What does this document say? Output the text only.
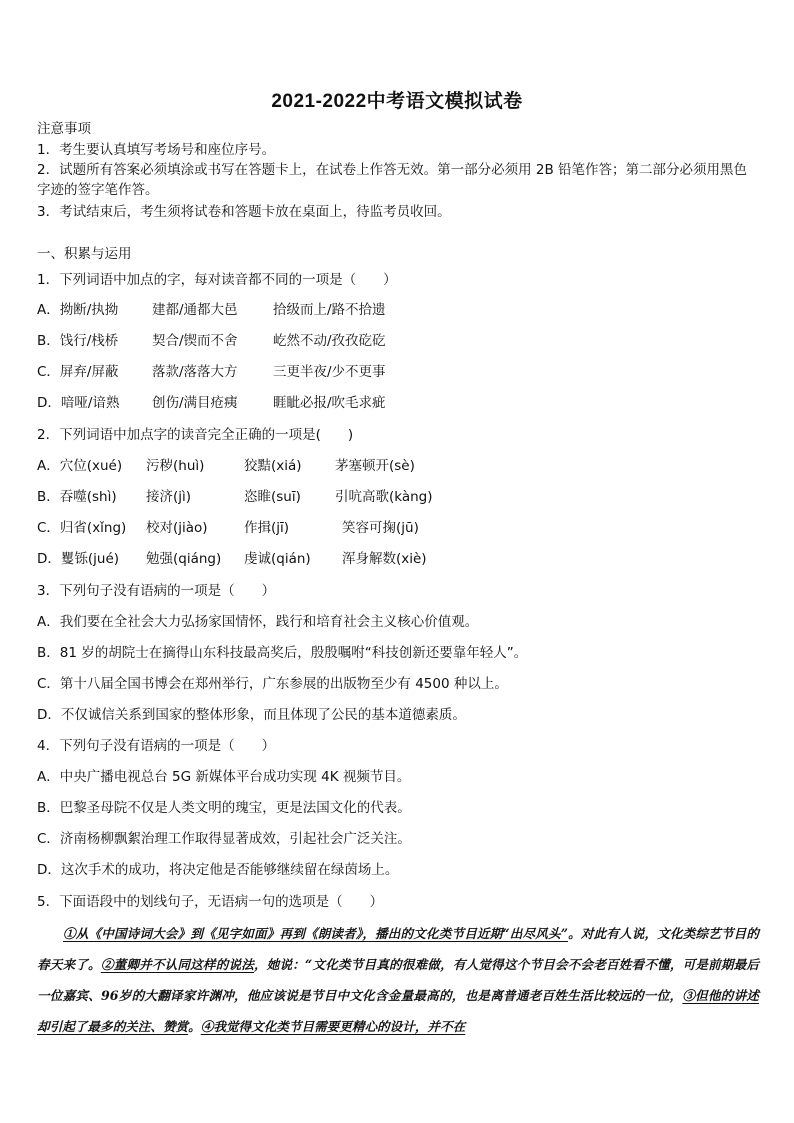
2021-2022中考语文模拟试卷
注意事项
1．考生要认真填写考场号和座位序号。
2．试题所有答案必须填涂或书写在答题卡上，在试卷上作答无效。第一部分必须用 2B 铅笔作答；第二部分必须用黑色字迹的签字笔作答。
3．考试结束后，考生须将试卷和答题卡放在桌面上，待监考员收回。
一、积累与运用
1．下列词语中加点的字，每对读音都不同的一项是（　　）
A．拗断/执拗 建都/通都大邑	拾级而上/路不拾遗
B．饯行/栈桥 契合/锲而不舍	屹然不动/孜孜矻矻
C．屏弃/屏蔽 落款/落落大方	三更半夜/少不更事
D．喑哑/谙熟 创伤/满目疮痍	睚眦必报/吹毛求疵
2．下列词语中加点字的读音完全正确的一项是(　　)
A．穴位(xué) 污秽(huì)	狡黠(xiá) 茅塞顿开(sè)
B．吞噬(shì) 接济(jì)	恣睢(suī)	引吭高歌(kàng)
C．归省(xǐng) 校对(jiào)	作揖(jī)	笑容可掬(jū)
D．矍铄(jué) 勉强(qiáng) 虔诚(qián) 浑身解数(xiè)
3．下列句子没有语病的一项是（　　）
A．我们要在全社会大力弘扬家国情怀，践行和培育社会主义核心价值观。
B．81 岁的胡院士在摘得山东科技最高奖后，殷殷嘱咐“科技创新还要靠年轻人”。
C．第十八届全国书博会在郑州举行，广东参展的出版物至少有 4500 种以上。
D．不仅诚信关系到国家的整体形象，而且体现了公民的基本道德素质。
4．下列句子没有语病的一项是（　　）
A．中央广播电视总台 5G 新媒体平台成功实现 4K 视频节目。
B．巴黎圣母院不仅是人类文明的瑰宝，更是法国文化的代表。
C．济南杨柳飘絮治理工作取得显著成效，引起社会广泛关注。
D．这次手术的成功，将决定他是否能够继续留在绿茵场上。
5．下面语段中的划线句子，无语病一句的选项是（　　）
①从《中国诗词大会》到《见字如面》再到《朗读者》，播出的文化类节目近期“出尽风头”。对此有人说，文化类综艺节目的春天来了。②董卿并不认同这样的说法，她说：“文化类节目真的很难做，有人觉得这个节目会不会老百姓看不懂，可是前期最后一位嘉宾、96岁的大翻译家许渊冲，他应该说是节目中文化含金量最高的，也是离普通老百姓生活比较远的一位，③但他的讲述却引起了最多的关注、赞赏。④我觉得文化类节目需要更精心的设计，并不在
